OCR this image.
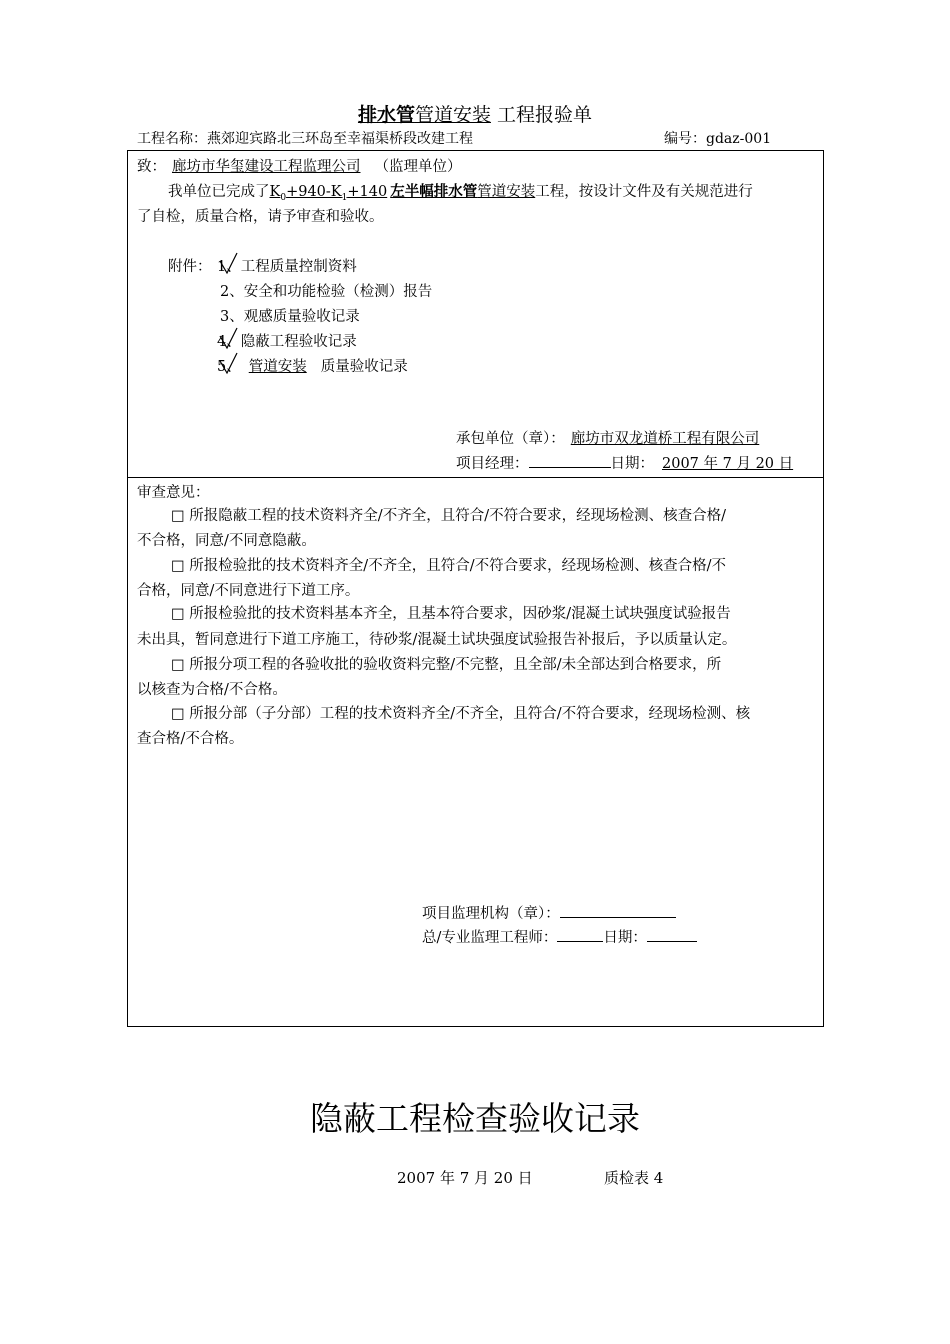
排水管管道安装 工程报验单
工程名称：燕郊迎宾路北三环岛至幸福渠桥段改建工程	编号：gdaz-001
致： 廊坊市华玺建设工程监理公司 （监理单位）
我单位已完成了$K_0+940-K_1+140$ 左半幅排水管管道安装工程，按设计文件及有关规范进行
了自检，质量合格，请予审查和验收。
附件： 1、工程质量控制资料
2、安全和功能检验（检测）报告
3、观感质量验收记录
4、隐蔽工程验收记录
5、 管道安装 质量验收记录
承包单位（章）： 廊坊市双龙道桥工程有限公司
项目经理：	日期： 2007 年 7 月 20 日
审查意见：
□ 所报隐蔽工程的技术资料齐全/不齐全，且符合/不符合要求，经现场检测、核查合格/
不合格，同意/不同意隐蔽。
□ 所报检验批的技术资料齐全/不齐全，且符合/不符合要求，经现场检测、核查合格/不
合格，同意/不同意进行下道工序。
□ 所报检验批的技术资料基本齐全，且基本符合要求，因砂浆/混凝土试块强度试验报告
未出具，暂同意进行下道工序施工，待砂浆/混凝土试块强度试验报告补报后，予以质量认定。
□ 所报分项工程的各验收批的验收资料完整/不完整，且全部/未全部达到合格要求，所
以核查为合格/不合格。
□ 所报分部（子分部）工程的技术资料齐全/不齐全，且符合/不符合要求，经现场检测、核
查合格/不合格。
项目监理机构（章）：
总/专业监理工程师：	日期：
隐蔽工程检查验收记录
2007 年 7 月 20 日	质检表 4
